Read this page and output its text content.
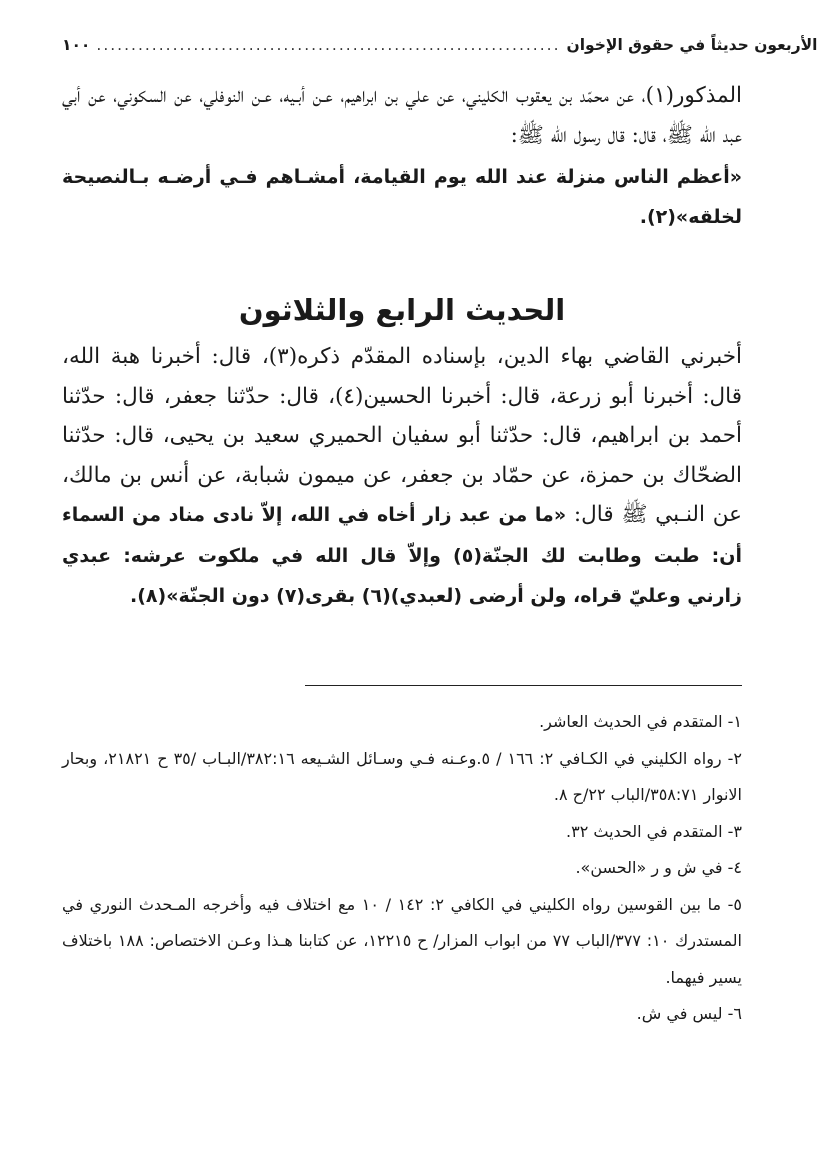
١٠٠ ................................................................... الأربعون حديثاً في حقوق الإخوان

المذكور(١)، عن محمّد بن يعقوب الكليني، عن علي بن ابراهيم، عـن أبـيه، عـن النوفلي، عن السكوني، عن أبي عبد الله ﷺ، قال: قال رسول الله ﷺ:

«أعظم الناس منزلة عند الله يوم القيامة، أمشـاهم فـي أرضـه بـالنصيحة لخلقه»(٢).

الحديث الرابع والثلاثون

أخبرني القاضي بهاء الدين، بإسناده المقدّم ذكره(٣)، قال: أخبرنا هبة الله، قال: أخبرنا أبو زرعة، قال: أخبرنا الحسين(٤)، قال: حدّثنا جعفر، قال: حدّثنا أحمد بن ابراهيم، قال: حدّثنا أبو سفيان الحميري سعيد بن يحيى، قال: حدّثنا الضحّاك بن حمزة، عن حمّاد بن جعفر، عن ميمون شبابة، عن أنس بن مالك، عن النـبي ﷺ قال: «ما من عبد زار أخاه في الله، إلاّ نادى مناد من السماء أن: طبت وطابت لك الجنّة(٥) وإلاّ قال الله في ملكوت عرشه: عبدي زارني وعليّ قراه، ولن أرضى (لعبدي)(٦) بقرى(٧) دون الجنّة»(٨).

١- المتقدم في الحديث العاشر.
٢- رواه الكليني في الكـافي ٢: ١٦٦ / ٥.وعـنه فـي وسـائل الشـيعه ٣٨٢:١٦/البـاب /٣٥ ح ٢١٨٢١، وبحار الانوار ٣٥٨:٧١/الباب ٢٢/ح ٨.
٣- المتقدم في الحديث ٣٢.
٤- في ش و ر «الحسن».
٥- ما بين القوسين رواه الكليني في الكافي ٢: ١٤٢ / ١٠ مع اختلاف فيه وأخرجه المـحدث النوري في المستدرك ١٠: ٣٧٧/الباب ٧٧ من ابواب المزار/ ح ١٢٢١٥، عن كتابنا هـذا وعـن الاختصاص: ١٨٨ باختلاف يسير فيهما.
٦- ليس في ش.
